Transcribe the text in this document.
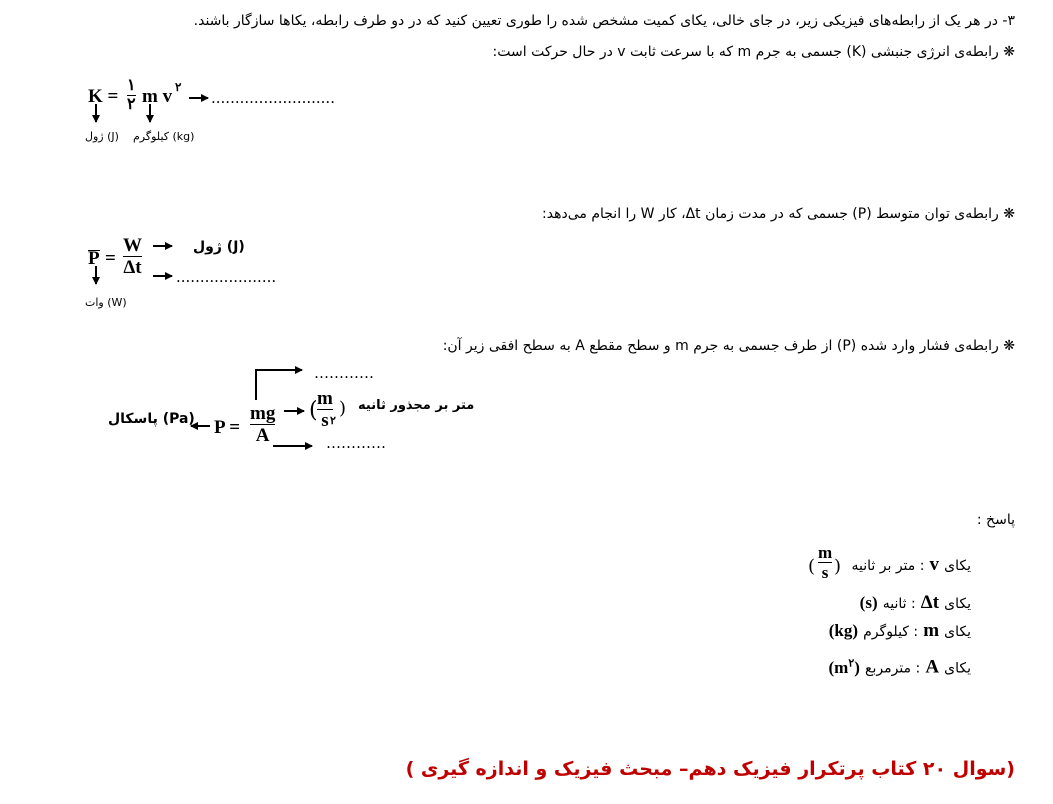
۳- در هر یک از رابطه‌های فیزیکی زیر، در جای خالی، یکای کمیت مشخص شده را طوری تعیین کنید که در دو طرف رابطه، یکاها سازگار باشند.
❋ رابطه‌ی انرژی جنبشی (K) جسمی به جرم m که با سرعت ثابت v در حال حرکت است:
K =
۱
۲ m v ۲
..........................
ژول (J) کیلوگرم (kg)
❋ رابطه‌ی توان متوسط (P) جسمی که در مدت زمان Δt، کار W را انجام می‌دهد:
P =
W
Δt
ژول (J)
.....................
وات (W)
❋ رابطه‌ی فشار وارد شده (P) از طرف جسمی به جرم m و سطح مقطع A به سطح افقی زیر آن:
…………
پاسکال (Pa) P =
mg
A
( m
s ۲
) متر بر مجذور ثانیه
…………
پاسخ :
یکای v : متر بر ثانیه
(
m
s )
یکای Δt : ثانیه (s)
یکای m : کیلوگرم (kg)
یکای A : مترمربع $(m^۲)$
(سوال ۲۰ کتاب پرتکرار فیزیک دهم– مبحث فیزیک و اندازه گیری )
